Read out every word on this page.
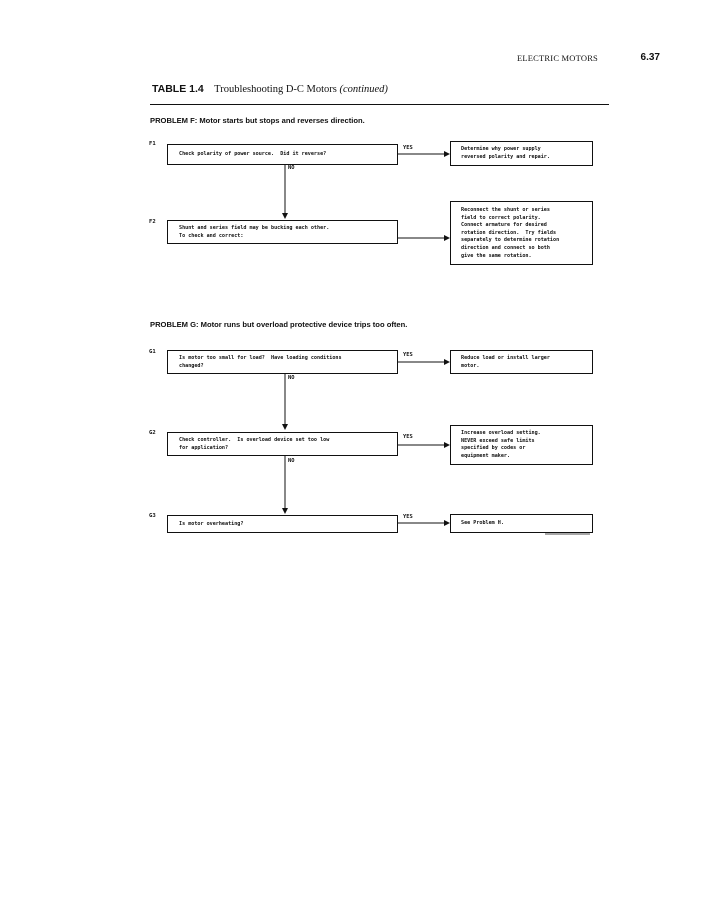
ELECTRIC MOTORS	6.37
TABLE 1.4 Troubleshooting D-C Motors (continued)
PROBLEM F: Motor starts but stops and reverses direction.
F1
Check polarity of power source.  Did it reverse?
YES	Determine why power supply
reversed polarity and repair.
NO
F2
Shunt and series field may be bucking each other.
To check and correct:
Reconnect the shunt or series
field to correct polarity.
Connect armature for desired
rotation direction.  Try fields
separately to determine rotation
direction and connect so both
give the same rotation.
PROBLEM G: Motor runs but overload protective device trips too often.
G1
Is motor too small for load?  Have loading conditions
changed?
YES	Reduce load or install larger
motor.
NO
G2
Check controller.  Is overload device set too low
for application?
YES
Increase overload setting.
NEVER exceed safe limits
specified by codes or
equipment maker.
NO
G3
Is motor overheating?
YES
See Problem H.
